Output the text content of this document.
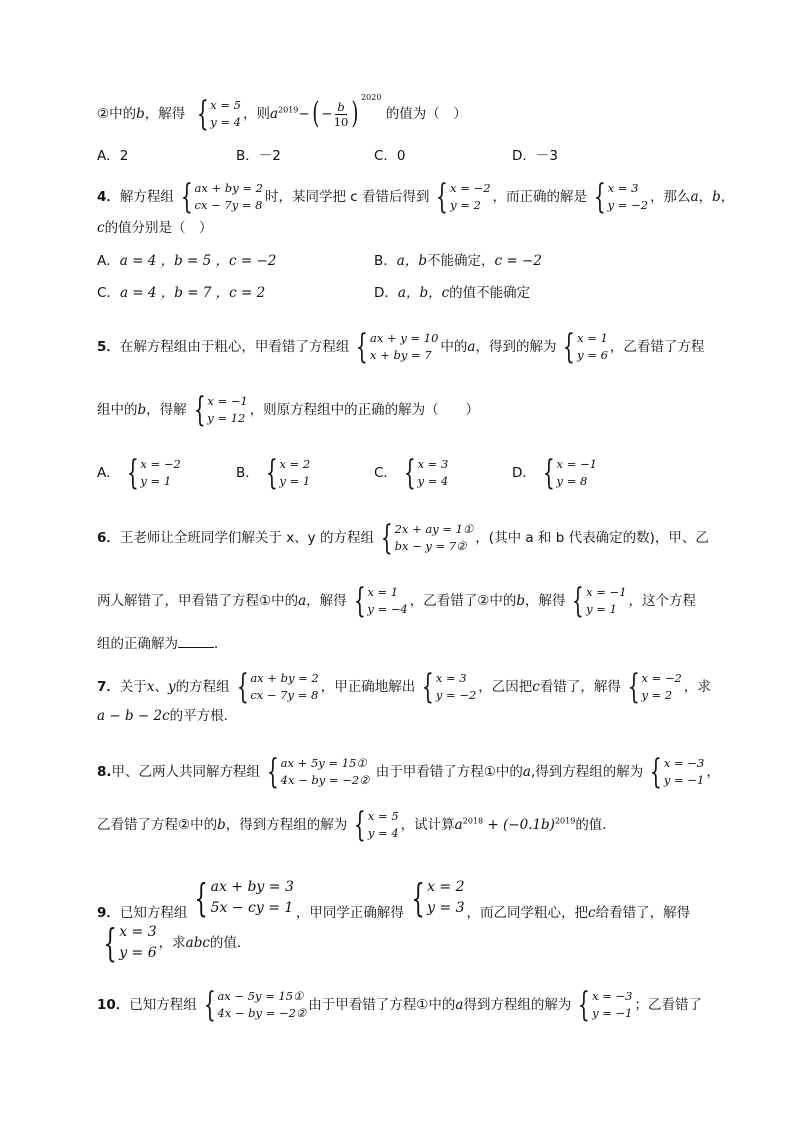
②中的b，解得 { x = 5
y = 4 ，则$a^{2019}-( - \frac{b}{10}$ ) $^{2020}$ 的值为（　）
A．2	B．－2	C．0	D．－3
4．解方程组 { ax + by = 2
cx − 7y = 8 时，某同学把 c 看错后得到 { x = −2
y = 2 ，而正确的解是 { x = 3
y = −2 ，那么a，b，
c的值分别是（　）
A．a = 4 ，b = 5 ，c = −2	B．a，b不能确定，c = −2
C．a = 4 ，b = 7 ，c = 2	D．a，b，c的值不能确定
5．在解方程组由于粗心，甲看错了方程组 { ax + y = 10
x + by = 7 中的a，得到的解为 { x = 1
y = 6 ，乙看错了方程
组中的b，得解 { x = −1
y = 12 ，则原方程组中的正确的解为（　　）
A． { x = −2
y = 1	B． { x = 2
y = 1	C． { x = 3
y = 4	D． { x = −1
y = 8
6．王老师让全班同学们解关于 x、y 的方程组 { 2x + ay = 1①
bx − y = 7② ，(其中 a 和 b 代表确定的数)，甲、乙
两人解错了，甲看错了方程①中的a，解得 { x = 1
y = −4 ，乙看错了②中的b，解得 { x = −1
y = 1 ，这个方程
组的正确解为	．
7．关于x、y的方程组 { ax + by = 2
cx − 7y = 8 ，甲正确地解出 { x = 3
y = −2 ，乙因把c看错了，解得 { x = −2
y = 2 ，求
a − b − 2c的平方根．
8.甲、乙两人共同解方程组 { ax + 5y = 15①
4x − by = −2② 由于甲看错了方程①中的a,得到方程组的解为 { x = −3
y = −1 ，
乙看错了方程②中的b，得到方程组的解为 { x = 5
y = 4 ，试计算$a^{2018} + (-0.1b)^{2019}$的值．
9．已知方程组 { ax + by = 3
5x − cy = 1 ，甲同学正确解得 { x = 2
y = 3 ，而乙同学粗心，把c给看错了，解得
{ x = 3
y = 6
，求abc的值．
10．已知方程组 { ax − 5y = 15①
4x − by = −2② 由于甲看错了方程①中的a得到方程组的解为 { x = −3
y = −1 ；乙看错了
